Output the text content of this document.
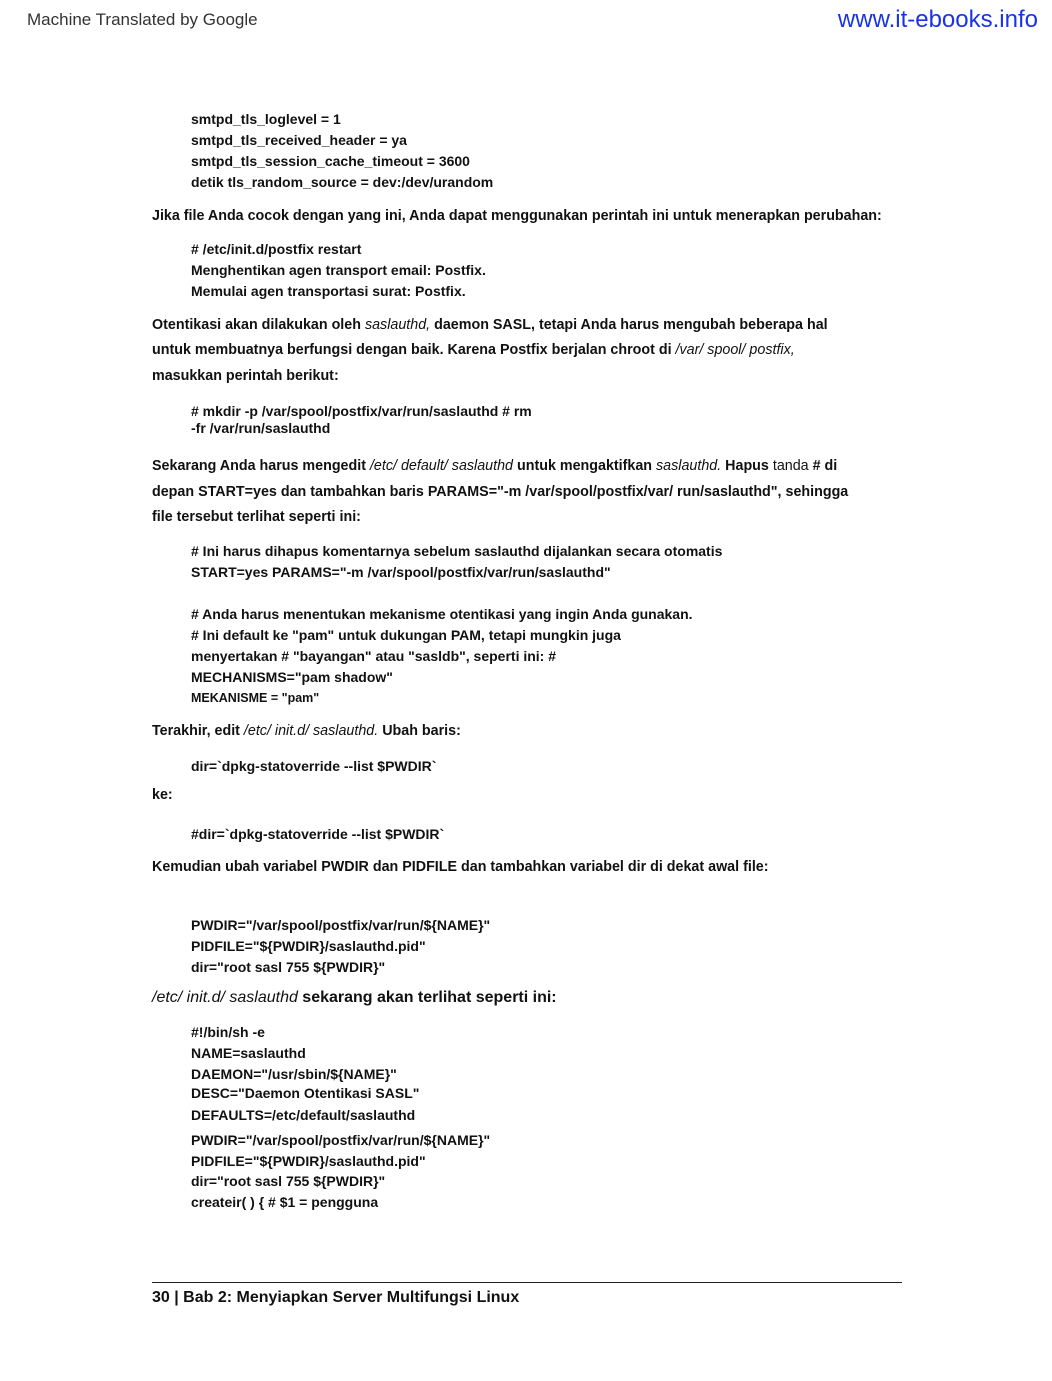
Machine Translated by Google	www.it-ebooks.info
smtpd_tls_loglevel = 1
smtpd_tls_received_header = ya
smtpd_tls_session_cache_timeout = 3600
detik tls_random_source = dev:/dev/urandom
Jika file Anda cocok dengan yang ini, Anda dapat menggunakan perintah ini untuk menerapkan perubahan:
# /etc/init.d/postfix restart
Menghentikan agen transport email: Postfix.
Memulai agen transportasi surat: Postfix.
Otentikasi akan dilakukan oleh saslauthd, daemon SASL, tetapi Anda harus mengubah beberapa hal
untuk membuatnya berfungsi dengan baik. Karena Postfix berjalan chroot di /var/ spool/ postfix,
masukkan perintah berikut:
# mkdir -p /var/spool/postfix/var/run/saslauthd # rm
-fr /var/run/saslauthd
Sekarang Anda harus mengedit /etc/ default/ saslauthd untuk mengaktifkan saslauthd. Hapus tanda # di
depan START=yes dan tambahkan baris PARAMS="-m /var/spool/postfix/var/ run/saslauthd", sehingga
file tersebut terlihat seperti ini:
# Ini harus dihapus komentarnya sebelum saslauthd dijalankan secara otomatis
START=yes PARAMS="-m /var/spool/postfix/var/run/saslauthd"
# Anda harus menentukan mekanisme otentikasi yang ingin Anda gunakan.
# Ini default ke "pam" untuk dukungan PAM, tetapi mungkin juga
menyertakan # "bayangan" atau "sasldb", seperti ini: #
MECHANISMS="pam shadow"
MEKANISME = "pam"
Terakhir, edit /etc/ init.d/ saslauthd. Ubah baris:
dir=`dpkg-statoverride --list $PWDIR`
ke:
#dir=`dpkg-statoverride --list $PWDIR`
Kemudian ubah variabel PWDIR dan PIDFILE dan tambahkan variabel dir di dekat awal file:
PWDIR="/var/spool/postfix/var/run/${NAME}"
PIDFILE="${PWDIR}/saslauthd.pid"
dir="root sasl 755 ${PWDIR}"
/etc/ init.d/ saslauthd sekarang akan terlihat seperti ini:
#!/bin/sh -e
NAME=saslauthd
DAEMON="/usr/sbin/${NAME}"
DESC="Daemon Otentikasi SASL"
DEFAULTS=/etc/default/saslauthd
PWDIR="/var/spool/postfix/var/run/${NAME}"
PIDFILE="${PWDIR}/saslauthd.pid"
dir="root sasl 755 ${PWDIR}"
createir( ) { # $1 = pengguna
30 | Bab 2: Menyiapkan Server Multifungsi Linux
